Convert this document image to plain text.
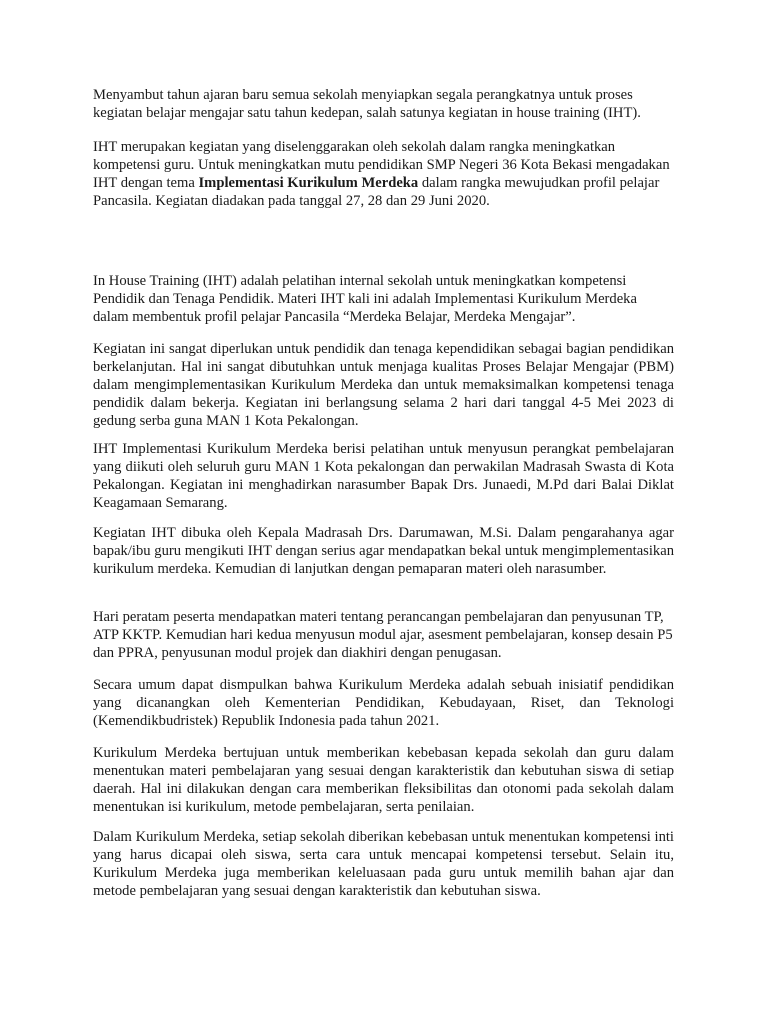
Menyambut tahun ajaran baru semua sekolah menyiapkan segala perangkatnya untuk proses kegiatan belajar mengajar satu tahun kedepan, salah satunya kegiatan in house training (IHT).

IHT merupakan kegiatan yang diselenggarakan oleh sekolah dalam rangka meningkatkan kompetensi guru. Untuk meningkatkan mutu pendidikan SMP Negeri 36 Kota Bekasi mengadakan IHT dengan tema Implementasi Kurikulum Merdeka dalam rangka mewujudkan profil pelajar Pancasila. Kegiatan diadakan pada tanggal 27, 28 dan 29 Juni 2020.

In House Training (IHT) adalah pelatihan internal sekolah untuk meningkatkan kompetensi Pendidik dan Tenaga Pendidik. Materi IHT kali ini adalah Implementasi Kurikulum Merdeka dalam membentuk profil pelajar Pancasila “Merdeka Belajar, Merdeka Mengajar”.

Kegiatan ini sangat diperlukan untuk pendidik dan tenaga kependidikan sebagai bagian pendidikan berkelanjutan. Hal ini sangat dibutuhkan untuk menjaga kualitas Proses Belajar Mengajar (PBM) dalam mengimplementasikan Kurikulum Merdeka dan untuk memaksimalkan kompetensi tenaga pendidik dalam bekerja. Kegiatan ini berlangsung selama 2 hari dari tanggal 4-5 Mei 2023 di gedung serba guna MAN 1 Kota Pekalongan.

IHT Implementasi Kurikulum Merdeka berisi pelatihan untuk menyusun perangkat pembelajaran yang diikuti oleh seluruh guru MAN 1 Kota pekalongan dan perwakilan Madrasah Swasta di Kota Pekalongan. Kegiatan ini menghadirkan narasumber Bapak Drs. Junaedi, M.Pd dari Balai Diklat Keagamaan Semarang.

Kegiatan IHT dibuka oleh Kepala Madrasah Drs. Darumawan, M.Si. Dalam pengarahanya agar bapak/ibu guru mengikuti IHT dengan serius agar mendapatkan bekal untuk mengimplementasikan kurikulum merdeka. Kemudian di lanjutkan dengan pemaparan materi oleh narasumber.

Hari peratam peserta mendapatkan materi tentang perancangan pembelajaran dan penyusunan TP, ATP KKTP. Kemudian hari kedua menyusun modul ajar, asesment pembelajaran, konsep desain P5 dan PPRA, penyusunan modul projek dan diakhiri dengan penugasan.

Secara umum dapat dismpulkan bahwa Kurikulum Merdeka adalah sebuah inisiatif pendidikan yang dicanangkan oleh Kementerian Pendidikan, Kebudayaan, Riset, dan Teknologi (Kemendikbudristek) Republik Indonesia pada tahun 2021.

Kurikulum Merdeka bertujuan untuk memberikan kebebasan kepada sekolah dan guru dalam menentukan materi pembelajaran yang sesuai dengan karakteristik dan kebutuhan siswa di setiap daerah. Hal ini dilakukan dengan cara memberikan fleksibilitas dan otonomi pada sekolah dalam menentukan isi kurikulum, metode pembelajaran, serta penilaian.

Dalam Kurikulum Merdeka, setiap sekolah diberikan kebebasan untuk menentukan kompetensi inti yang harus dicapai oleh siswa, serta cara untuk mencapai kompetensi tersebut. Selain itu, Kurikulum Merdeka juga memberikan keleluasaan pada guru untuk memilih bahan ajar dan metode pembelajaran yang sesuai dengan karakteristik dan kebutuhan siswa.
